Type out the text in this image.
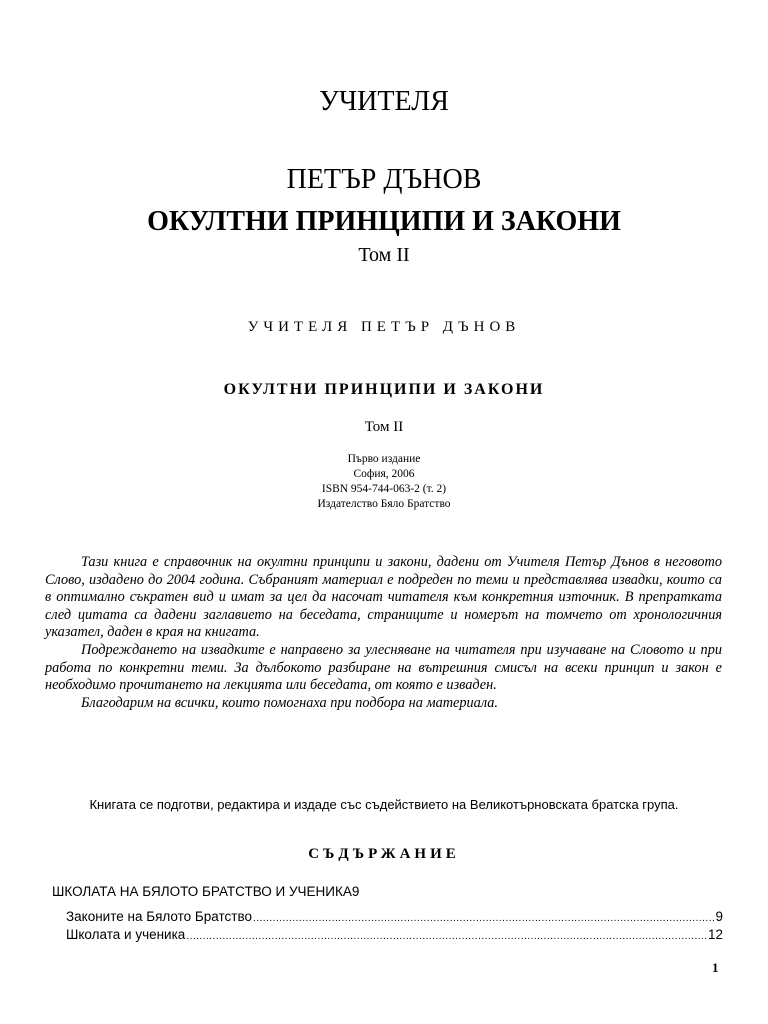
УЧИТЕЛЯ
ПЕТЪР ДЪНОВ
ОКУЛТНИ ПРИНЦИПИ И ЗАКОНИ
Том II
УЧИТЕЛЯ ПЕТЪР ДЪНОВ
ОКУЛТНИ ПРИНЦИПИ И ЗАКОНИ
Том II
Първо издание
София, 2006
ISBN 954-744-063-2 (т. 2)
Издателство Бяло Братство

Тази книга е справочник на окултни принципи и закони, дадени от Учителя Петър Дънов в неговото Слово, издадено до 2004 година. Събраният материал е подреден по теми и представлява извадки, които са в оптимално съкратен вид и имат за цел да насочат читателя към конкретния източник. В препратката след цитата са дадени заглавието на беседата, страниците и номерът на томчето от хронологичния указател, даден в края на книгата.

Подреждането на извадките е направено за улесняване на читателя при изучаване на Словото и при работа по конкретни теми. За дълбокото разбиране на вътрешния смисъл на всеки принцип и закон е необходимо прочитането на лекцията или беседата, от която е изваден.

Благодарим на всички, които помогнаха при подбора на материала.

Книгата се подготви, редактира и издаде със съдействието на Великотърновската братска група.
СЪДЪРЖАНИЕ
ШКОЛАТА НА БЯЛОТО БРАТСТВО И УЧЕНИКА9
Законите на Бялото Братство .....	9
Школата и ученика .....	12
1
